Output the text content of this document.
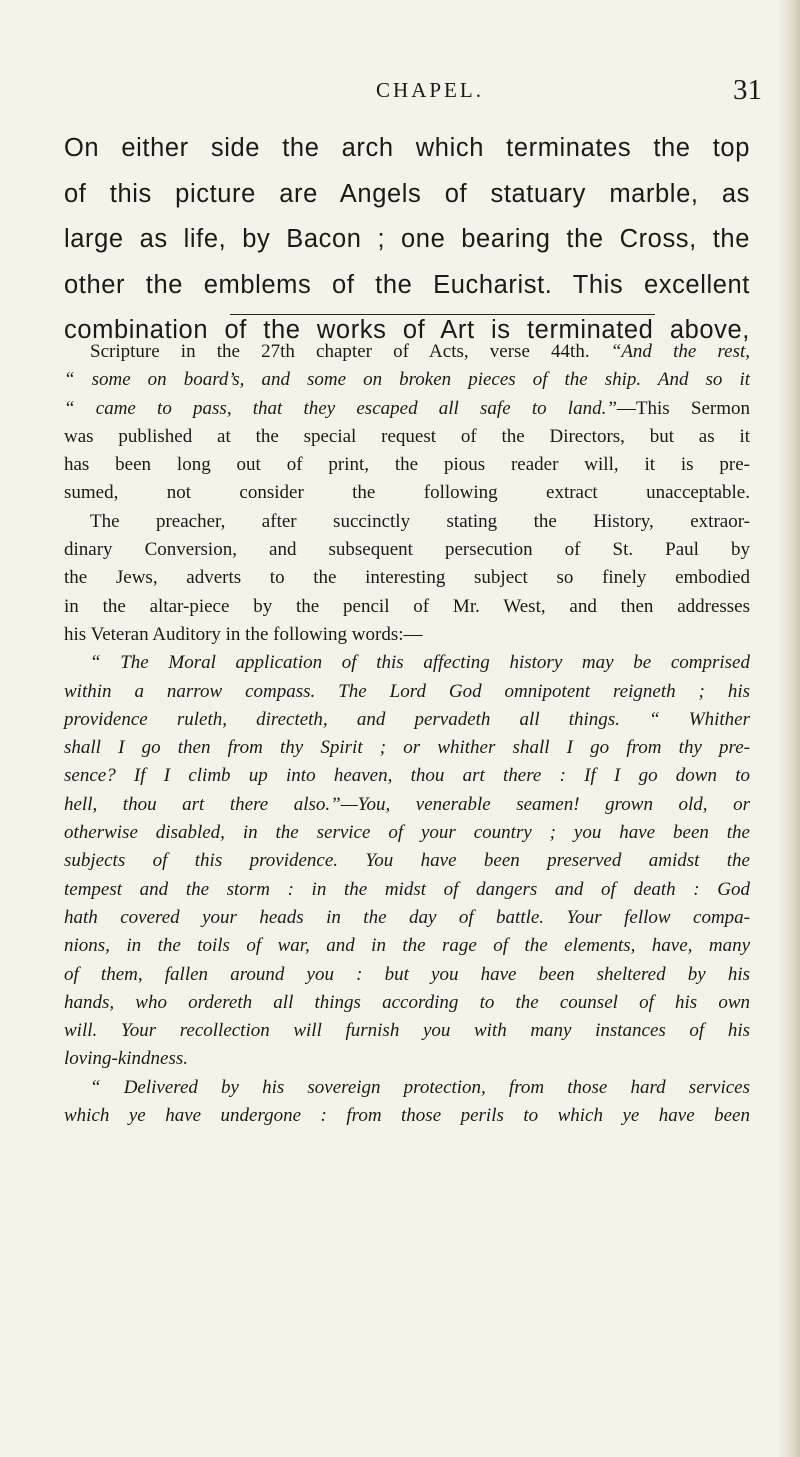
CHAPEL.	31
On either side the arch which terminates the top
of this picture are Angels of statuary marble, as
large as life, by Bacon ; one bearing the Cross, the
other the emblems of the Eucharist. This excellent
combination of the works of Art is terminated above,
Scripture in the 27th chapter of Acts, verse 44th. “And the rest,
“ some on board’s, and some on broken pieces of the ship. And so it
“ came to pass, that they escaped all safe to land.”—This Sermon
was published at the special request of the Directors, but as it
has been long out of print, the pious reader will, it is pre-
sumed, not consider the following extract unacceptable.
The preacher, after succinctly stating the History, extraor-
dinary Conversion, and subsequent persecution of St. Paul by
the Jews, adverts to the interesting subject so finely embodied
in the altar-piece by the pencil of Mr. West, and then addresses
his Veteran Auditory in the following words:—
“ The Moral application of this affecting history may be comprised
within a narrow compass. The Lord God omnipotent reigneth ; his
providence ruleth, directeth, and pervadeth all things. “ Whither
shall I go then from thy Spirit ; or whither shall I go from thy pre-
sence? If I climb up into heaven, thou art there : If I go down to
hell, thou art there also.”—You, venerable seamen! grown old, or
otherwise disabled, in the service of your country ; you have been the
subjects of this providence. You have been preserved amidst the
tempest and the storm : in the midst of dangers and of death : God
hath covered your heads in the day of battle. Your fellow compa-
nions, in the toils of war, and in the rage of the elements, have, many
of them, fallen around you : but you have been sheltered by his
hands, who ordereth all things according to the counsel of his own
will. Your recollection will furnish you with many instances of his
loving-kindness.
“ Delivered by his sovereign protection, from those hard services
which ye have undergone : from those perils to which ye have been
